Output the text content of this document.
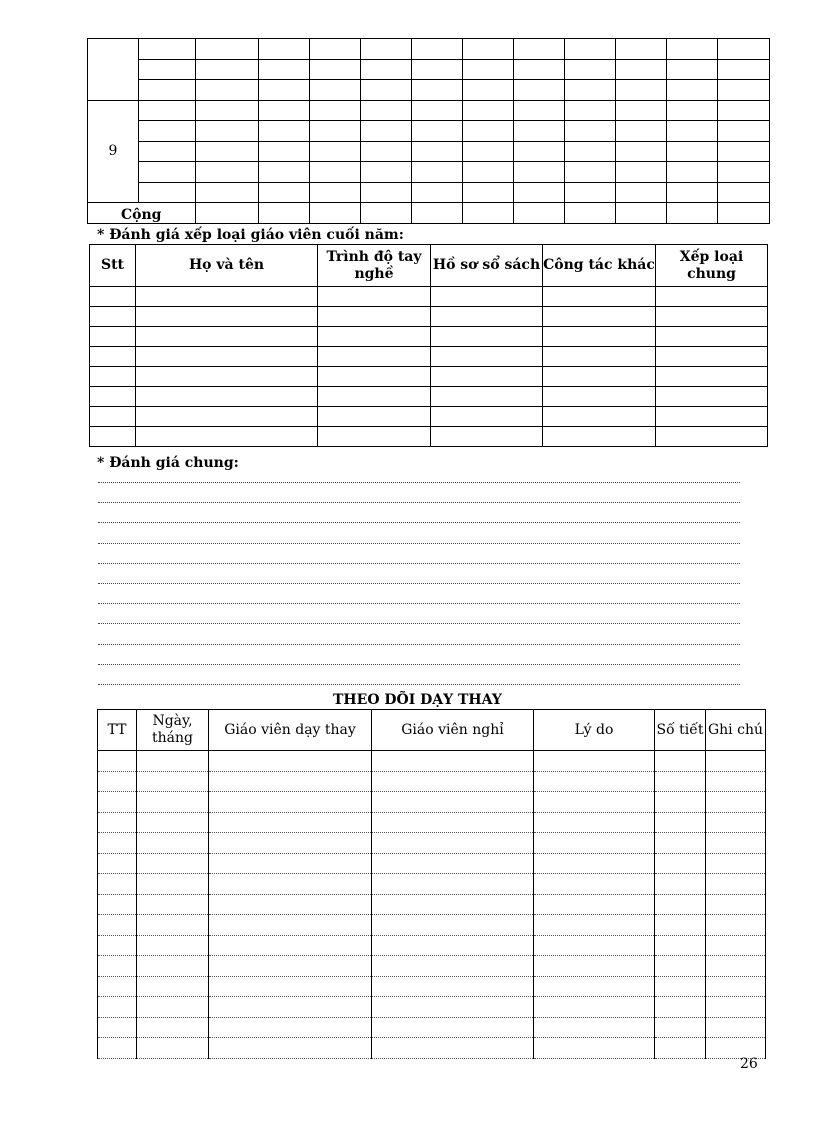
9												

Cộng												
* Đánh giá xếp loại giáo viên cuối năm:
Stt	Họ và tên	Trình độ tay nghề	Hồ sơ sổ sách	Công tác khác	Xếp loại chung

* Đánh giá chung:
THEO DÕI DẠY THAY
TT	Ngày, tháng	Giáo viên dạy thay	Giáo viên nghỉ	Lý do	Số tiết	Ghi chú

26
